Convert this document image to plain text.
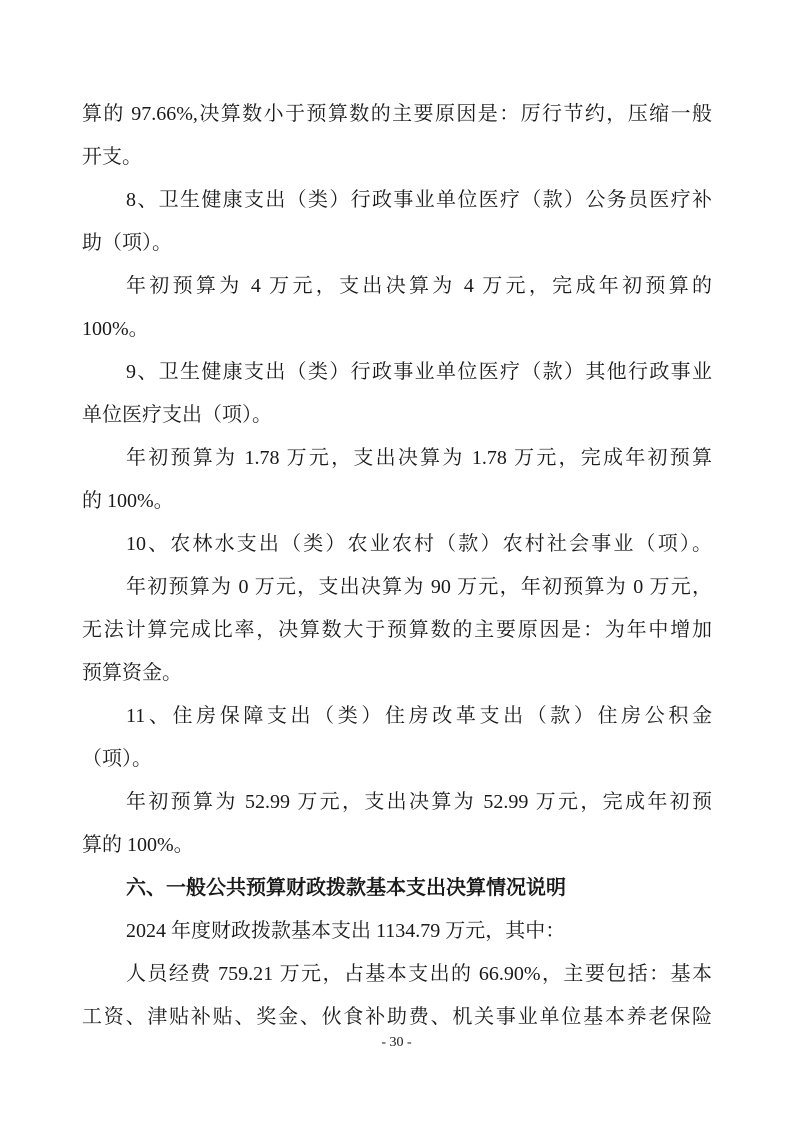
算的 97.66%,决算数小于预算数的主要原因是：厉行节约，压缩一般
开支。
8、卫生健康支出（类）行政事业单位医疗（款）公务员医疗补
助（项）。
年初预算为 4 万元，支出决算为 4 万元，完成年初预算的
100%。
9、卫生健康支出（类）行政事业单位医疗（款）其他行政事业
单位医疗支出（项）。
年初预算为 1.78 万元，支出决算为 1.78 万元，完成年初预算
的 100%。
10、农林水支出（类）农业农村（款）农村社会事业（项）。
年初预算为 0 万元，支出决算为 90 万元，年初预算为 0 万元，
无法计算完成比率，决算数大于预算数的主要原因是：为年中增加
预算资金。
11、住房保障支出（类）住房改革支出（款）住房公积金
（项）。
年初预算为 52.99 万元，支出决算为 52.99 万元，完成年初预
算的 100%。
六、一般公共预算财政拨款基本支出决算情况说明
2024 年度财政拨款基本支出 1134.79 万元，其中：
人员经费 759.21 万元，占基本支出的 66.90%，主要包括：基本
工资、津贴补贴、奖金、伙食补助费、机关事业单位基本养老保险
- 30 -
